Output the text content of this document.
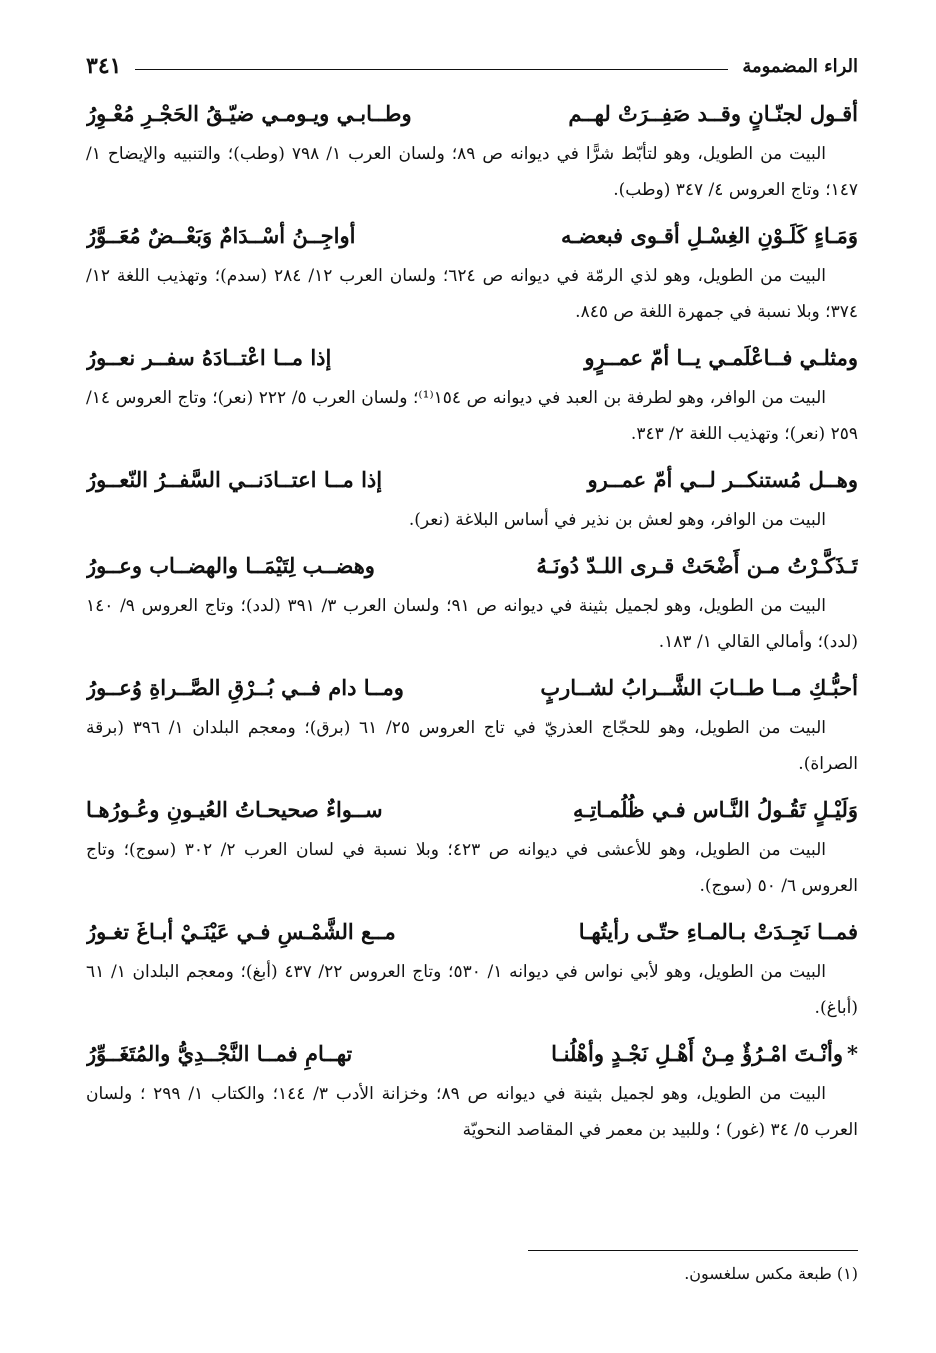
الراء المضمومة
٣٤١
أقـول لجنّـانٍ وقــد صَفِــرَتْ لهــم
وطــابـي ويـومـي ضيّـقُ الحَجْـرِ مُعْـوِرُ

البيت من الطويل، وهو لتأبّط شرًّا في ديوانه ص ٨٩؛ ولسان العرب ١/ ٧٩٨ (وطب)؛ والتنبيه والإيضاح ١/ ١٤٧؛ وتاج العروس ٤/ ٣٤٧ (وطب).

وَمَـاءٍ كَلَـوْنِ الغِسْـلِ أقـوى فبعضـه
أواجِــنُ أسْــدَامٌ وَبَعْــضٌ مُعَــوَّرُ

البيت من الطويل، وهو لذي الرمّة في ديوانه ص ٦٢٤؛ ولسان العرب ١٢/ ٢٨٤ (سدم)؛ وتهذيب اللغة ١٢/ ٣٧٤؛ وبلا نسبة في جمهرة اللغة ص ٨٤٥.

ومثلـي فــاعْلَمـي يــا أمّ عمــرٍو
إذا مــا اعْتــادَهُ سفــر نعــورُ

البيت من الوافر، وهو لطرفة بن العبد في ديوانه ص ١٥٤⁽¹⁾؛ ولسان العرب ٥/ ٢٢٢ (نعر)؛ وتاج العروس ١٤/ ٢٥٩ (نعر)؛ وتهذيب اللغة ٢/ ٣٤٣.

وهــل مُستنكــر لــي أمّ عمــرو
إذا مــا اعتــادَنــي السَّفــرُ النّعــورُ

البيت من الوافر، وهو لعش بن نذير في أساس البلاغة (نعر).

تَـذَكَّـرْتُ مـن أَضْحَتْ قـرى اللـدّ دُونَـهُ
وهضــب لِتَيْمَــا والهضــاب وعــورُ

البيت من الطويل، وهو لجميل بثينة في ديوانه ص ٩١؛ ولسان العرب ٣/ ٣٩١ (لدد)؛ وتاج العروس ٩/ ١٤٠ (لدد)؛ وأمالي القالي ١/ ١٨٣.

أحبُّـكِ مــا طــابَ الشَّــرابُ لشــاربٍ
ومــا دام فــي بُــرْقِ الصَّــراةِ وُعــورُ

البيت من الطويل، وهو للحجّاج العذريّ في تاج العروس ٢٥/ ٦١ (برق)؛ ومعجم البلدان ١/ ٣٩٦ (برقة الصراة).

وَلَيْـلٍ تَقُـولُ النَّـاس فـي ظُلُمـاتِـهِ
ســواءٌ صحيحـاتُ العُيـونِ وعُـورُهـا

البيت من الطويل، وهو للأعشى في ديوانه ص ٤٢٣؛ وبلا نسبة في لسان العرب ٢/ ٣٠٢ (سوج)؛ وتاج العروس ٦/ ٥٠ (سوج).

فمــا نَجِـدَتْ بـالمـاءِ حتّـى رأيتُهـا
مــع الشَّمْـسِ فـي عَيْنَـيْ أبـاغَ تغـورُ

البيت من الطويل، وهو لأبي نواس في ديوانه ١/ ٥٣٠؛ وتاج العروس ٢٢/ ٤٣٧ (أبغ)؛ ومعجم البلدان ١/ ٦١ (أباغ).

*وأنْـتَ امْـرُؤٌ مِـنْ أَهْـلِ نَجْـدٍ وأهْلُنـا
تهــامِ فمــا النَّجْــدِيُّ والمُتَغَــوِّرُ

البيت من الطويل، وهو لجميل بثينة في ديوانه ص ٨٩؛ وخزانة الأدب ٣/ ١٤٤؛ والكتاب ١/ ٢٩٩ ؛ ولسان العرب ٥/ ٣٤ (غور) ؛ وللبيد بن معمر في المقاصد النحويّة

(١) طبعة مكس سلغسون.
